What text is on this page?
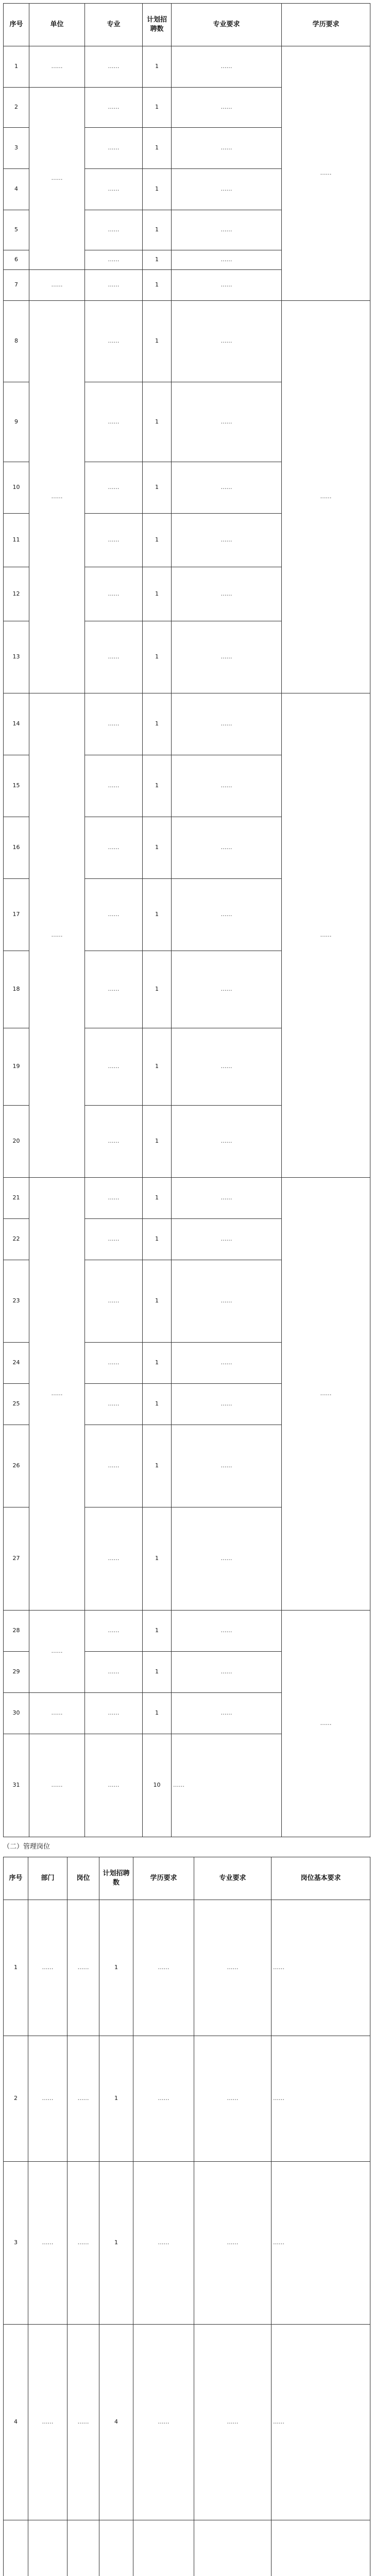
序号	单位	专业	计划招聘数	专业要求	学历要求
1	……	……	1	……	……
2	……	……	1	……	
3		……	1	……	
4		……	1	……	
5		……	1	……	
6		……	1	……	
7	……	……	1	……	
8	……	……	1	……	……
9		……	1	……	
10		……	1	……	
11		……	1	……	
12		……	1	……	
13		……	1	……	
14	……	……	1	……	……
15		……	1	……	
16		……	1	……	
17		……	1	……	
18		……	1	……	
19		……	1	……	
20		……	1	……	
21	……	……	1	……	……
22		……	1	……	
23		……	1	……	
24		……	1	……	
25		……	1	……	
26		……	1	……	
27		……	1	……	
28	……	……	1	……	……
29		……	1	……	
30	……	……	1	……	
31	……	……	10	……	
（二）管理岗位
序号	部门	岗位	计划招聘数	学历要求	专业要求	岗位基本要求
1	……	……	1	……	……	……
2	……	……	1	……	……	……
3	……	……	1	……	……	……
4	……	……	4	……	……	……
